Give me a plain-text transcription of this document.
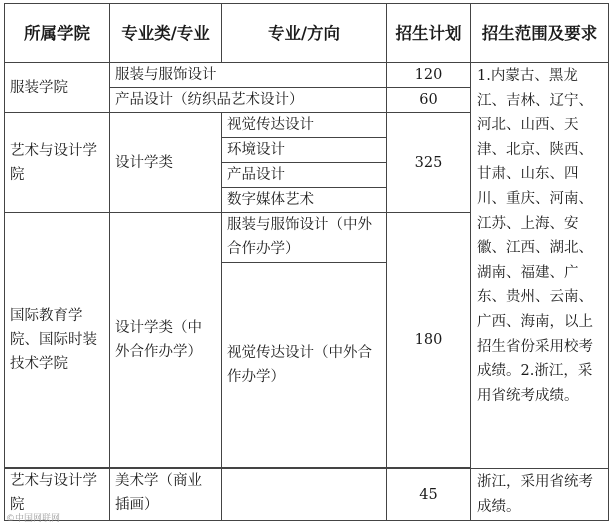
所属学院	专业类/专业	专业/方向	招生计划	招生范围及要求
服装学院	服装与服饰设计		120	1.内蒙古、黑龙江、吉林、辽宁、河北、山西、天津、北京、陕西、甘肃、山东、四川、重庆、河南、江苏、上海、安徽、江西、湖北、湖南、福建、广东、贵州、云南、广西、海南，以上招生省份采用校考成绩。2.浙江，采用省统考成绩。
	产品设计（纺织品艺术设计）		60	
艺术与设计学院	设计学类	视觉传达设计	325	
		环境设计		
		产品设计		
		数字媒体艺术		
国际教育学院、国际时装技术学院	设计学类（中外合作办学）	服装与服饰设计（中外合作办学）	180	
		视觉传达设计（中外合作办学）		

艺术与设计学院	美术学（商业插画）		45	浙江，采用省统考成绩。
©中国网联网
